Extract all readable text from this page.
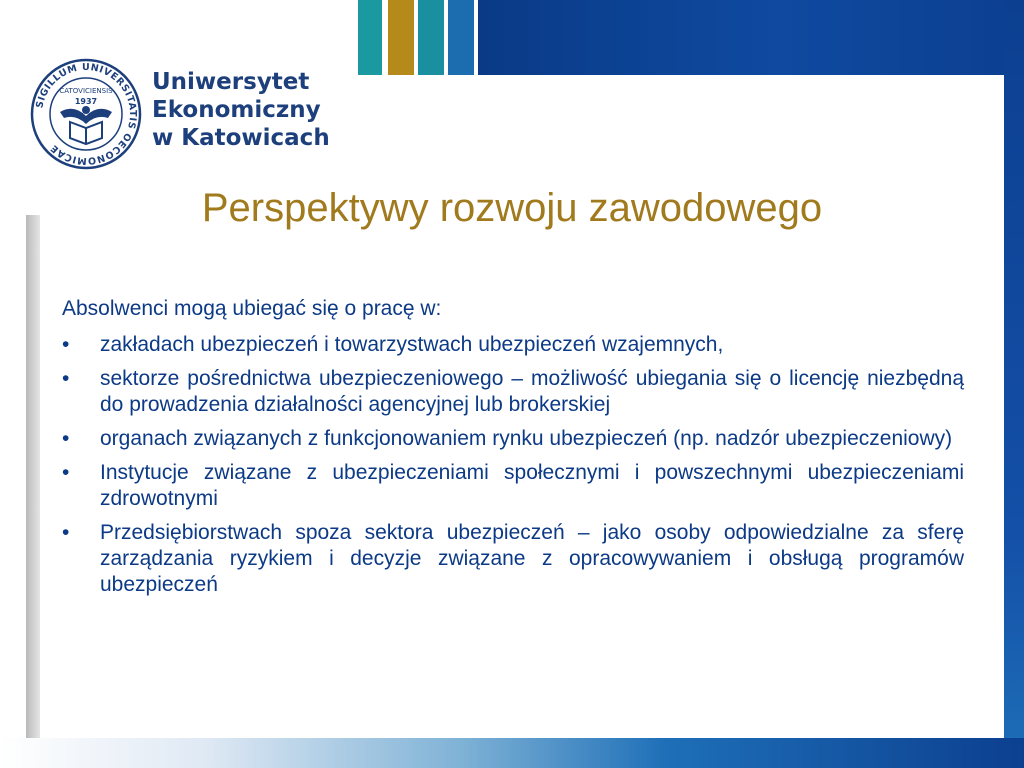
SIGILLUM UNIVERSITATIS OECONOMICAE
CATOVICIENSIS
1937
Uniwersytet
Ekonomiczny
w Katowicach
Perspektywy rozwoju zawodowego

Absolwenci mogą ubiegać się o pracę w:

• zakładach ubezpieczeń i towarzystwach ubezpieczeń wzajemnych,
• sektorze pośrednictwa ubezpieczeniowego – możliwość ubiegania się o licencję niezbędną do prowadzenia działalności agencyjnej lub brokerskiej
• organach związanych z funkcjonowaniem rynku ubezpieczeń (np. nadzór ubezpieczeniowy)
• Instytucje związane z ubezpieczeniami społecznymi i powszechnymi ubezpieczeniami zdrowotnymi
• Przedsiębiorstwach spoza sektora ubezpieczeń – jako osoby odpowiedzialne za sferę zarządzania ryzykiem i decyzje związane z opracowywaniem i obsługą programów ubezpieczeń
